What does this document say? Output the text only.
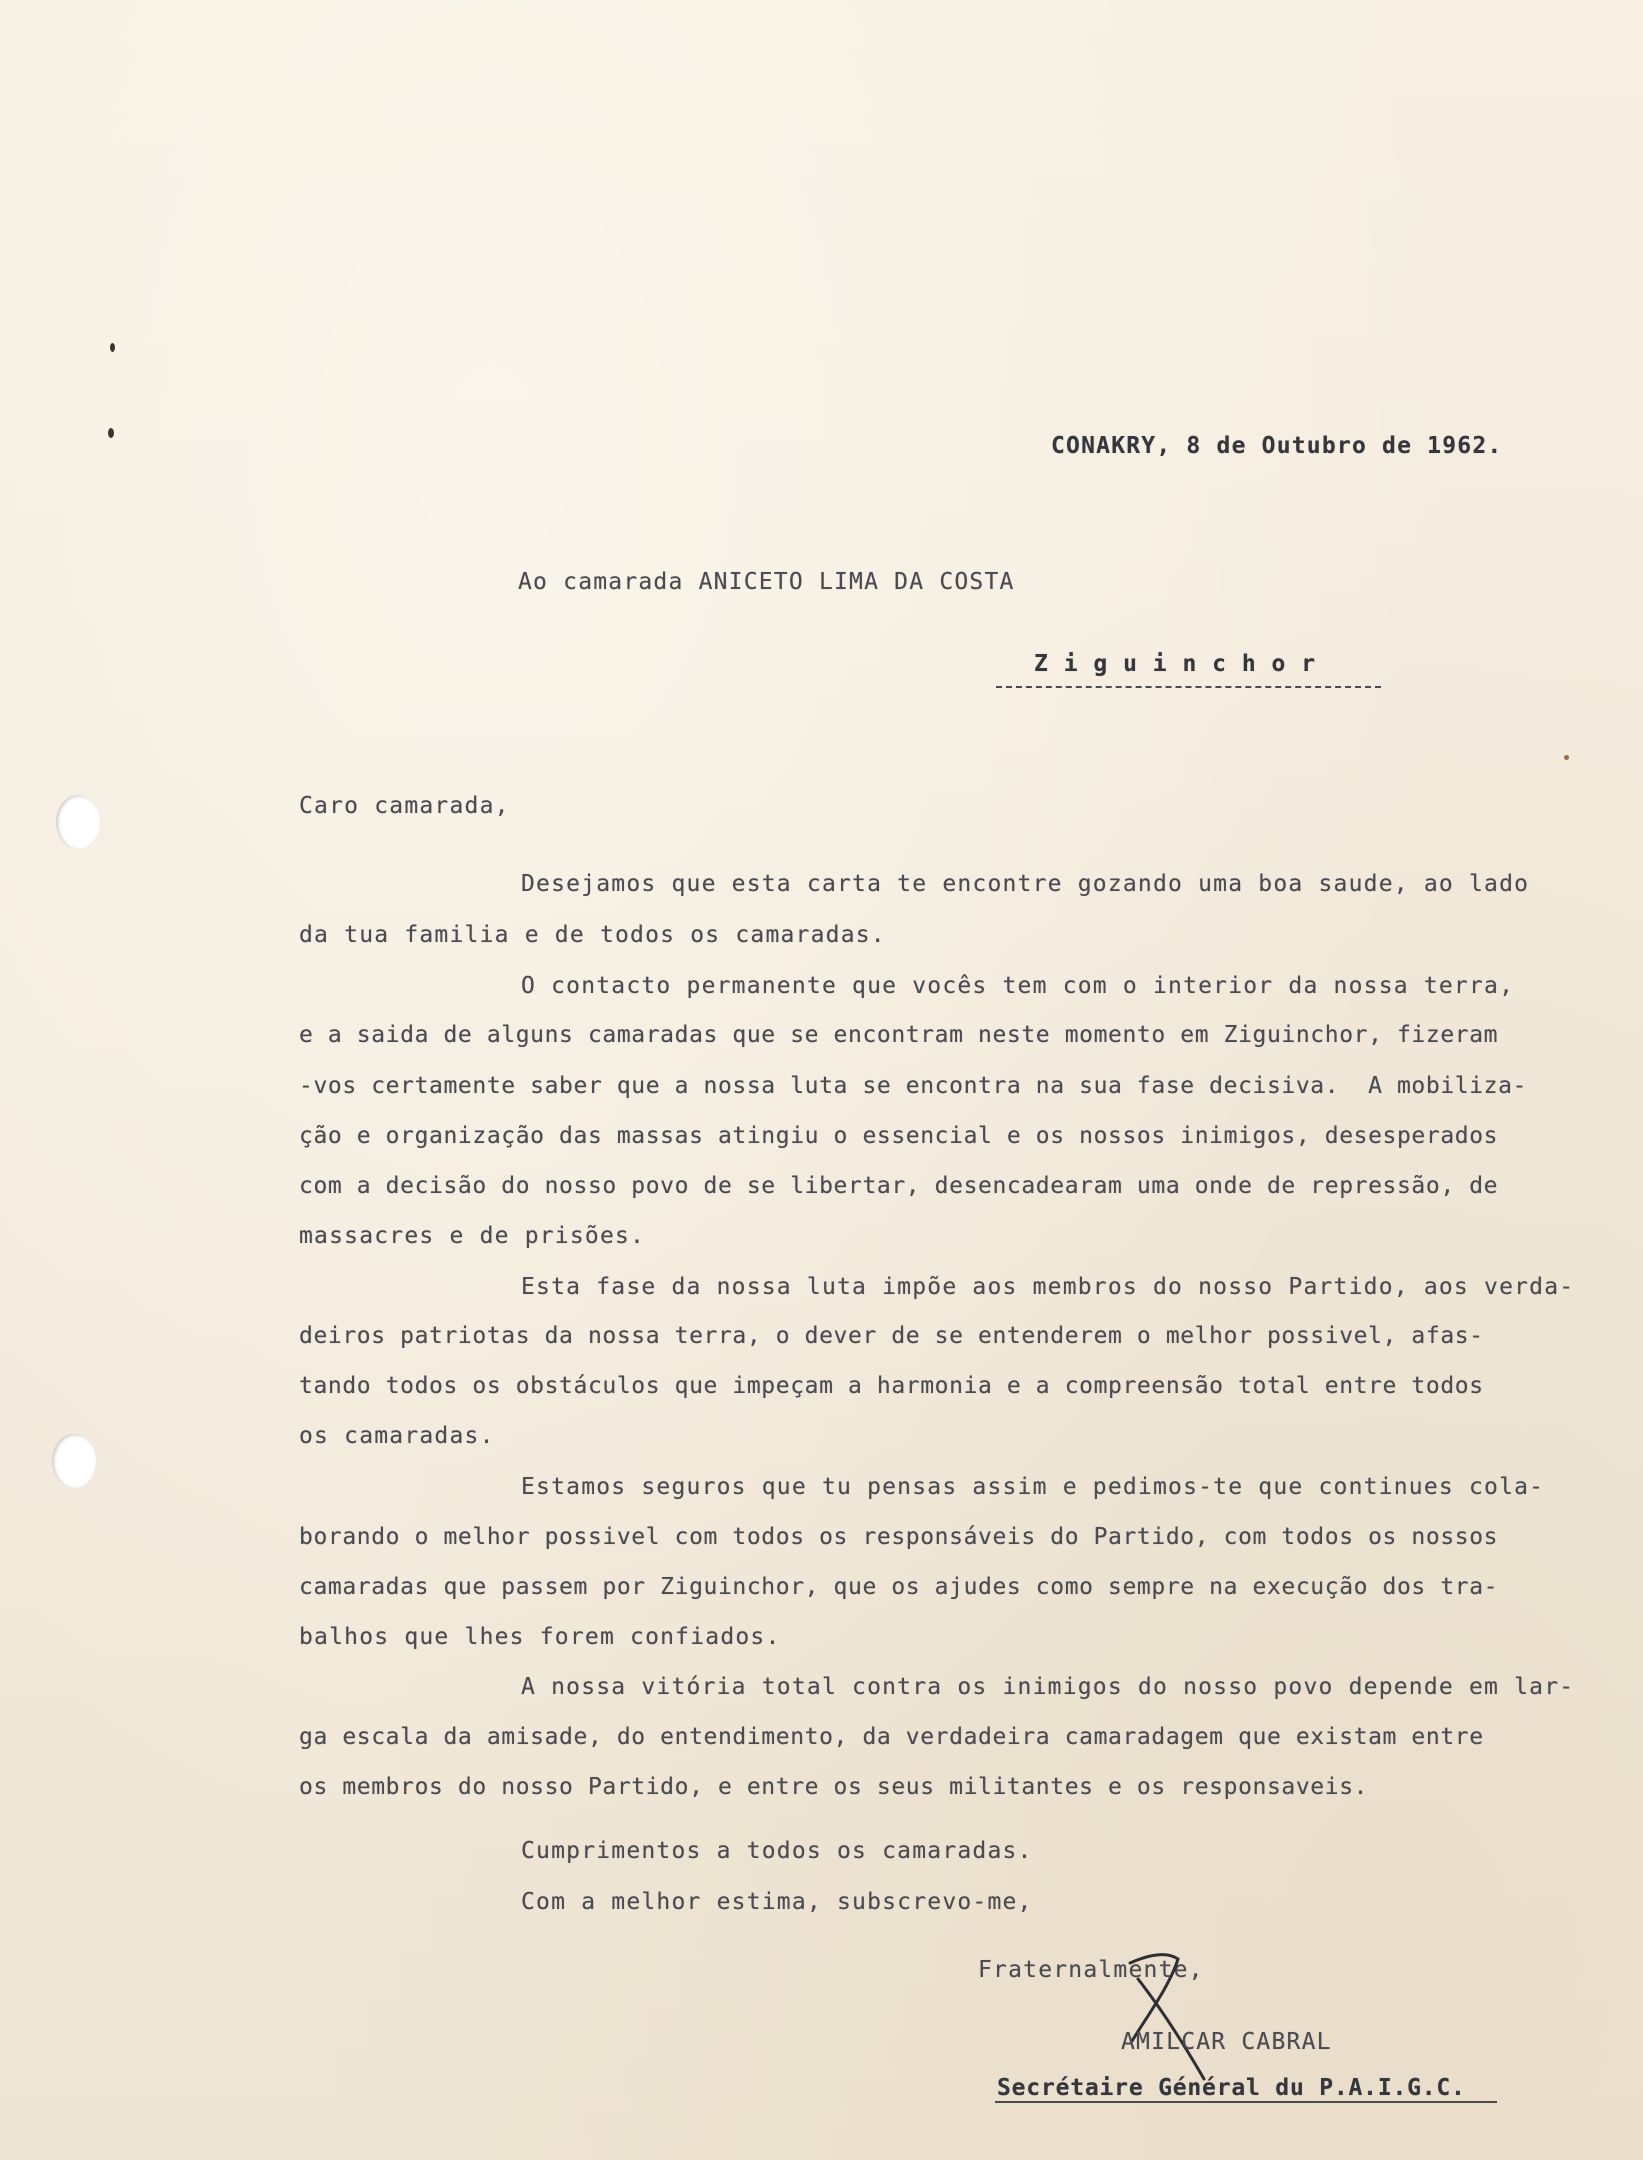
CONAKRY, 8 de Outubro de 1962.
Ao camarada ANICETO LIMA DA COSTA
Z i g u i n c h o r
Caro camarada,
Desejamos que esta carta te encontre gozando uma boa saude, ao lado
da tua familia e de todos os camaradas.
O contacto permanente que vocês tem com o interior da nossa terra,
e a saida de alguns camaradas que se encontram neste momento em Ziguinchor, fizeram
-vos certamente saber que a nossa luta se encontra na sua fase decisiva.  A mobiliza-
ção e organização das massas atingiu o essencial e os nossos inimigos, desesperados
com a decisão do nosso povo de se libertar, desencadearam uma onde de repressão, de
massacres e de prisões.
Esta fase da nossa luta impõe aos membros do nosso Partido, aos verda-
deiros patriotas da nossa terra, o dever de se entenderem o melhor possivel, afas-
tando todos os obstáculos que impeçam a harmonia e a compreensão total entre todos
os camaradas.
Estamos seguros que tu pensas assim e pedimos-te que continues cola-
borando o melhor possivel com todos os responsáveis do Partido, com todos os nossos
camaradas que passem por Ziguinchor, que os ajudes como sempre na execução dos tra-
balhos que lhes forem confiados.
A nossa vitória total contra os inimigos do nosso povo depende em lar-
ga escala da amisade, do entendimento, da verdadeira camaradagem que existam entre
os membros do nosso Partido, e entre os seus militantes e os responsaveis.
Cumprimentos a todos os camaradas.
Com a melhor estima, subscrevo-me,
Fraternalmente,
AMILCAR CABRAL
Secrétaire Général du P.A.I.G.C.
